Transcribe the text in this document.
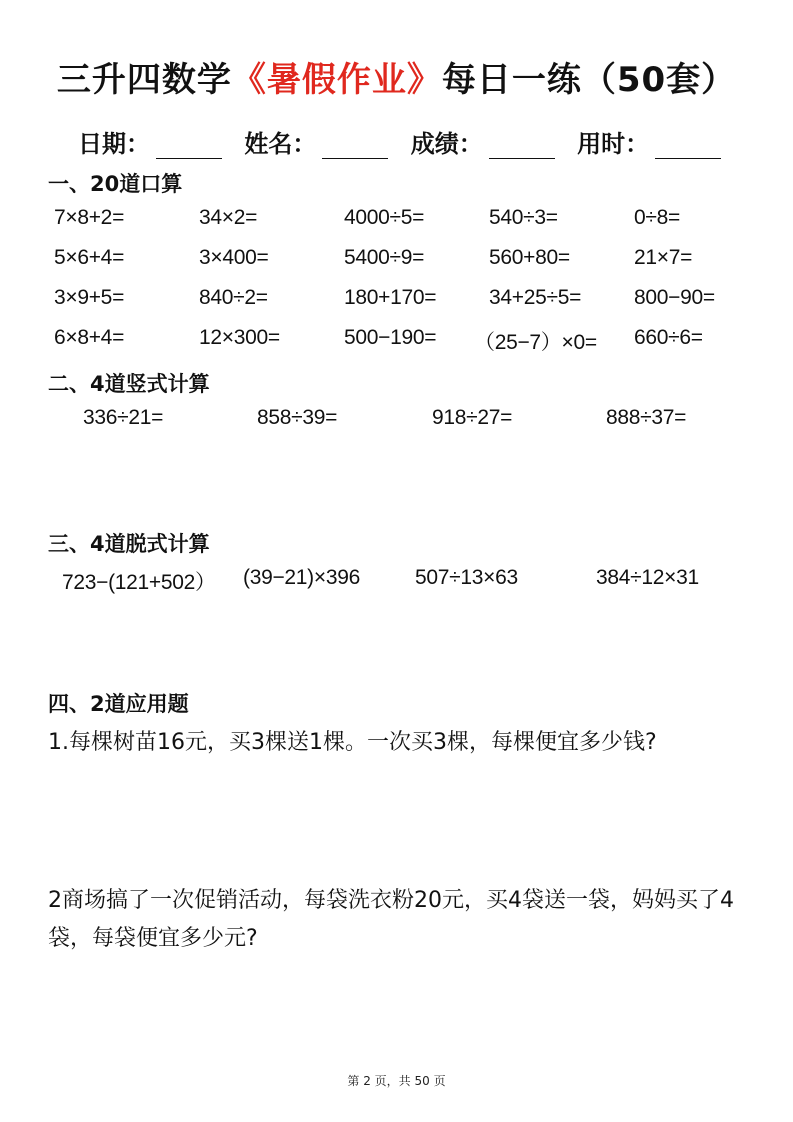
三升四数学《暑假作业》每日一练（50套）
日期：	姓名：	成绩：	用时：
一、20道口算
7×8+2=	34×2=	4000÷5=	540÷3=	0÷8=
5×6+4=	3×400=	5400÷9=	560+80=	21×7=
3×9+5=	840÷2=	180+170=	34+25÷5=	800−90=
6×8+4=	12×300=	500−190= （25−7）×0= 660÷6=
二、4道竖式计算
336÷21=	858÷39=	918÷27=	888÷37=
三、4道脱式计算
723−(121+502） (39−21)×396	507÷13×63	384÷12×31
四、2道应用题
1.每棵树苗16元，买3棵送1棵。一次买3棵，每棵便宜多少钱?
2商场搞了一次促销活动，每袋洗衣粉20元，买4袋送一袋，妈妈买了4袋，每袋便宜多少元?
第 2 页，共 50 页
